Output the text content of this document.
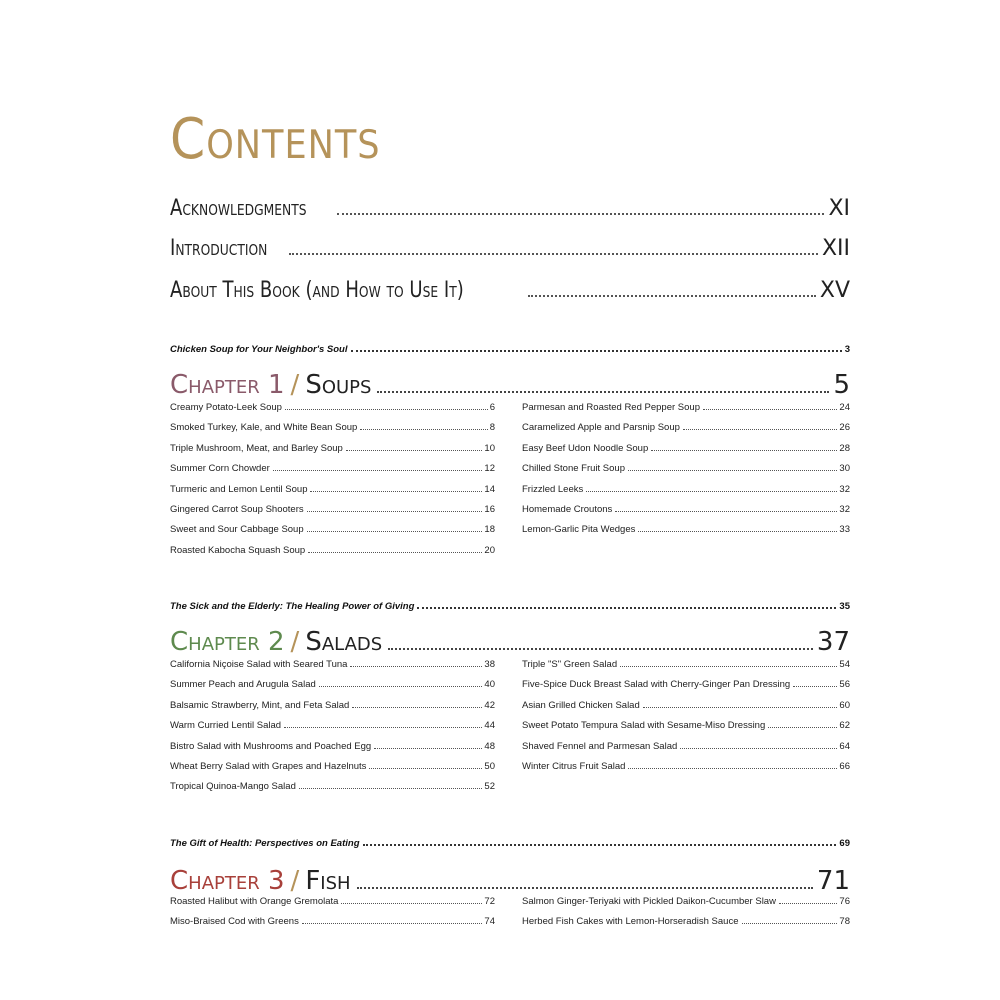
Contents
Acknowledgments	XI
Introduction	XII
About This Book (and How to Use It)	XV
Chicken Soup for Your Neighbor's Soul	3
Chapter 1 / Soups	5
Creamy Potato-Leek Soup	6
Smoked Turkey, Kale, and White Bean Soup	8
Triple Mushroom, Meat, and Barley Soup	10
Summer Corn Chowder	12
Turmeric and Lemon Lentil Soup	14
Gingered Carrot Soup Shooters	16
Sweet and Sour Cabbage Soup	18
Roasted Kabocha Squash Soup	20
Parmesan and Roasted Red Pepper Soup	24
Caramelized Apple and Parsnip Soup	26
Easy Beef Udon Noodle Soup	28
Chilled Stone Fruit Soup	30
Frizzled Leeks	32
Homemade Croutons	32
Lemon-Garlic Pita Wedges	33
The Sick and the Elderly: The Healing Power of Giving	35
Chapter 2 / Salads	37
California Niçoise Salad with Seared Tuna	38
Summer Peach and Arugula Salad	40
Balsamic Strawberry, Mint, and Feta Salad	42
Warm Curried Lentil Salad	44
Bistro Salad with Mushrooms and Poached Egg	48
Wheat Berry Salad with Grapes and Hazelnuts	50
Tropical Quinoa-Mango Salad	52
Triple "S" Green Salad	54
Five-Spice Duck Breast Salad with Cherry-Ginger Pan Dressing	56
Asian Grilled Chicken Salad	60
Sweet Potato Tempura Salad with Sesame-Miso Dressing	62
Shaved Fennel and Parmesan Salad	64
Winter Citrus Fruit Salad	66
The Gift of Health: Perspectives on Eating	69
Chapter 3 / Fish	71
Roasted Halibut with Orange Gremolata	72
Miso-Braised Cod with Greens	74
Salmon Ginger-Teriyaki with Pickled Daikon-Cucumber Slaw	76
Herbed Fish Cakes with Lemon-Horseradish Sauce	78
